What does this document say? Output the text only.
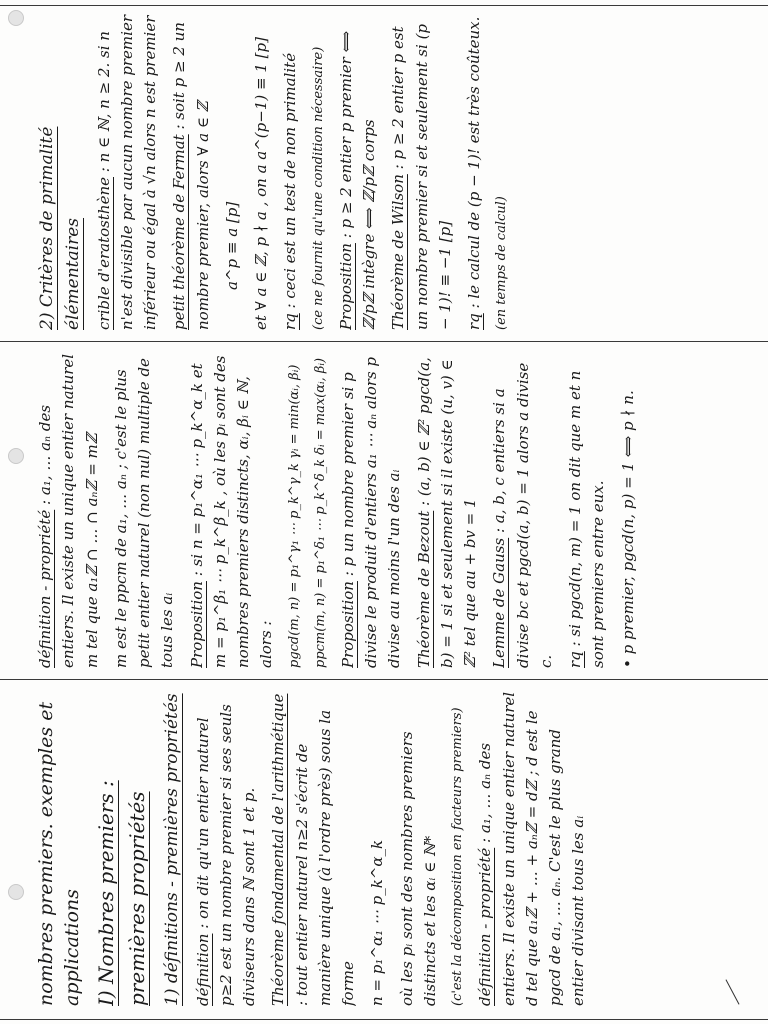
nombres premiers. exemples et applications I) Nombres premiers : premières propriétés 1) définitions - premières propriétés définition : on dit qu'un entier naturel p≥2 est un nombre premier si ses seuls diviseurs dans ℕ sont 1 et p. Théorème fondamental de l'arithmétique : tout entier naturel n≥2 s'écrit de manière unique (à l'ordre près) sous la forme n = p₁^α₁ ⋯ p_k^α_k où les pᵢ sont des nombres premiers distincts et les αᵢ ∈ ℕ* (c'est la décomposition en facteurs premiers) définition - propriété : a₁, … aₙ des entiers. Il existe un unique entier naturel d tel que a₁ℤ + … + aₙℤ = dℤ ; d est le pgcd de a₁, … aₙ. C'est le plus grand entier divisant tous les aᵢ

définition - propriété : a₁, … aₙ des entiers. Il existe un unique entier naturel m tel que a₁ℤ ∩ … ∩ aₙℤ = mℤ m est le ppcm de a₁, … aₙ ; c'est le plus petit entier naturel (non nul) multiple de tous les aᵢ Proposition : si n = p₁^α₁ ⋯ p_k^α_k et m = p₁^β₁ ⋯ p_k^β_k , où les pᵢ sont des nombres premiers distincts, αᵢ, βᵢ ∈ ℕ, alors : pgcd(m, n) = p₁^γ₁ ⋯ p_k^γ_k γᵢ = min(αᵢ, βᵢ) ppcm(m, n) = p₁^δ₁ ⋯ p_k^δ_k δᵢ = max(αᵢ, βᵢ) Proposition : p un nombre premier si p divise le produit d'entiers a₁ ⋯ aₙ alors p divise au moins l'un des aᵢ Théorème de Bezout : (a, b) ∈ ℤ² pgcd(a, b) = 1 si et seulement si il existe (u, v) ∈ ℤ² tel que au + bv = 1 Lemme de Gauss : a, b, c entiers si a divise bc et pgcd(a, b) = 1 alors a divise c. rq : si pgcd(n, m) = 1 on dit que m et n sont premiers entre eux. • p premier, pgcd(n, p) = 1 ⟺ p ∤ n.

2) Critères de primalité élémentaires crible d'eratosthène : n ∈ ℕ, n ≥ 2. si n n'est divisible par aucun nombre premier inférieur ou égal à √n alors n est premier petit théorème de Fermat : soit p ≥ 2 un nombre premier, alors ∀ a ∈ ℤ a^p ≡ a [p] et ∀ a ∈ ℤ, p ∤ a , on a a^(p−1) ≡ 1 [p] rq : ceci est un test de non primalité (ce ne fournit qu'une condition nécessaire) Proposition : p ≥ 2 entier p premier ⟺ ℤ/pℤ intègre ⟺ ℤ/pℤ corps Théorème de Wilson : p ≥ 2 entier p est un nombre premier si et seulement si (p − 1)! ≡ −1 [p] rq : le calcul de (p − 1)! est très coûteux. (en temps de calcul)
